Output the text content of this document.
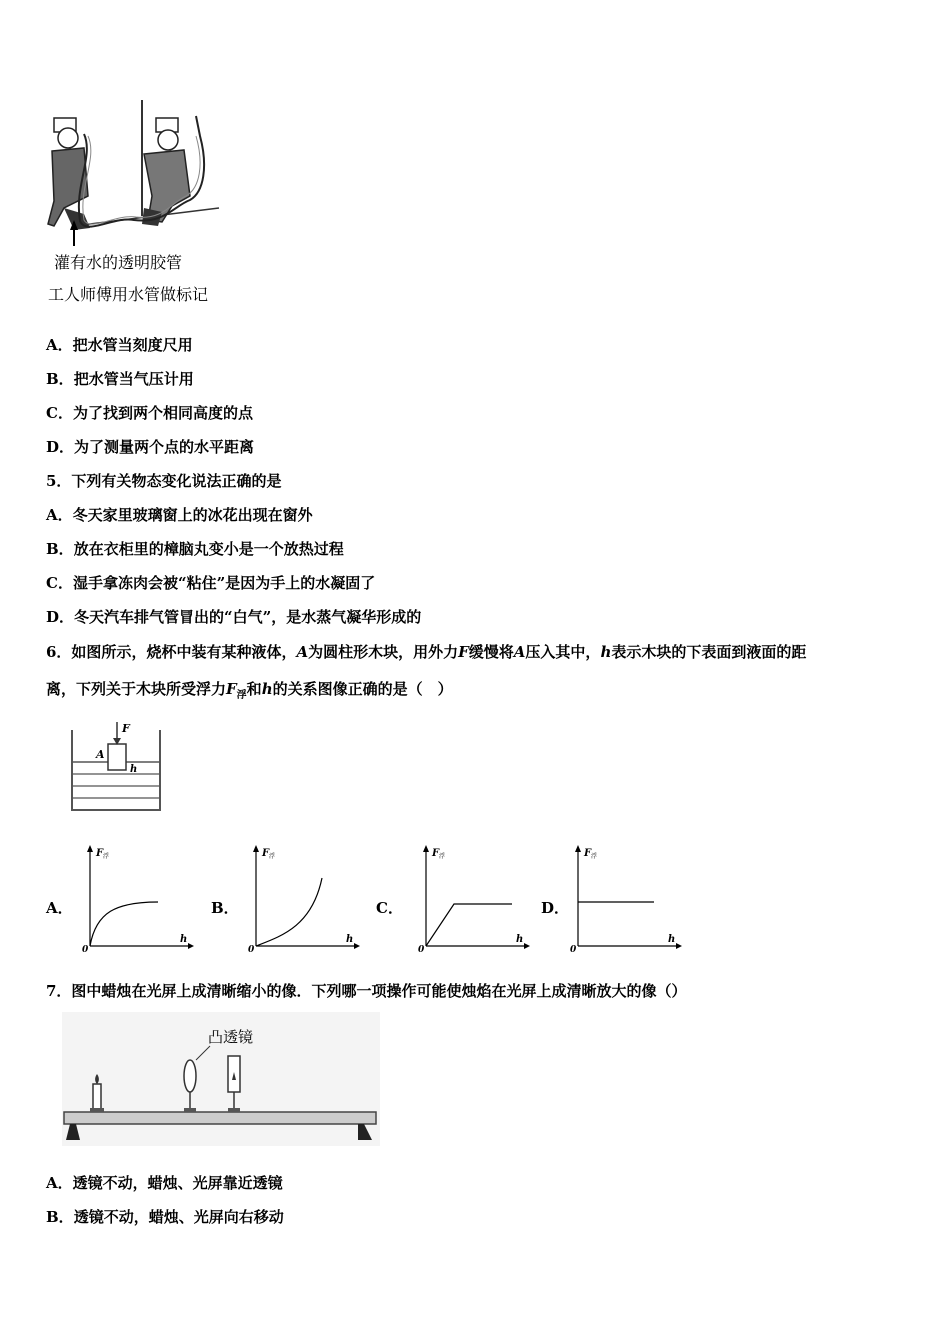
灌有水的透明胶管
工人师傅用水管做标记
A．把水管当刻度尺用
B．把水管当气压计用
C．为了找到两个相同高度的点
D．为了测量两个点的水平距离
5．下列有关物态变化说法正确的是
A．冬天家里玻璃窗上的冰花出现在窗外
B．放在衣柜里的樟脑丸变小是一个放热过程
C．湿手拿冻肉会被“粘住”是因为手上的水凝固了
D．冬天汽车排气管冒出的“白气”，是水蒸气凝华形成的
6．如图所示，烧杯中装有某种液体，A为圆柱形木块，用外力F缓慢将A压入其中，h表示木块的下表面到液面的距
离，下列关于木块所受浮力$F_浮$和h的关系图像正确的是（　）
F
A
h
A．
F 浮
h
0
B．
F 浮
h
0
C．
F 浮
h
0
D．
F 浮
h
0
7．图中蜡烛在光屏上成清晰缩小的像．下列哪一项操作可能使烛焰在光屏上成清晰放大的像（）
凸透镜
A．透镜不动，蜡烛、光屏靠近透镜
B．透镜不动，蜡烛、光屏向右移动
